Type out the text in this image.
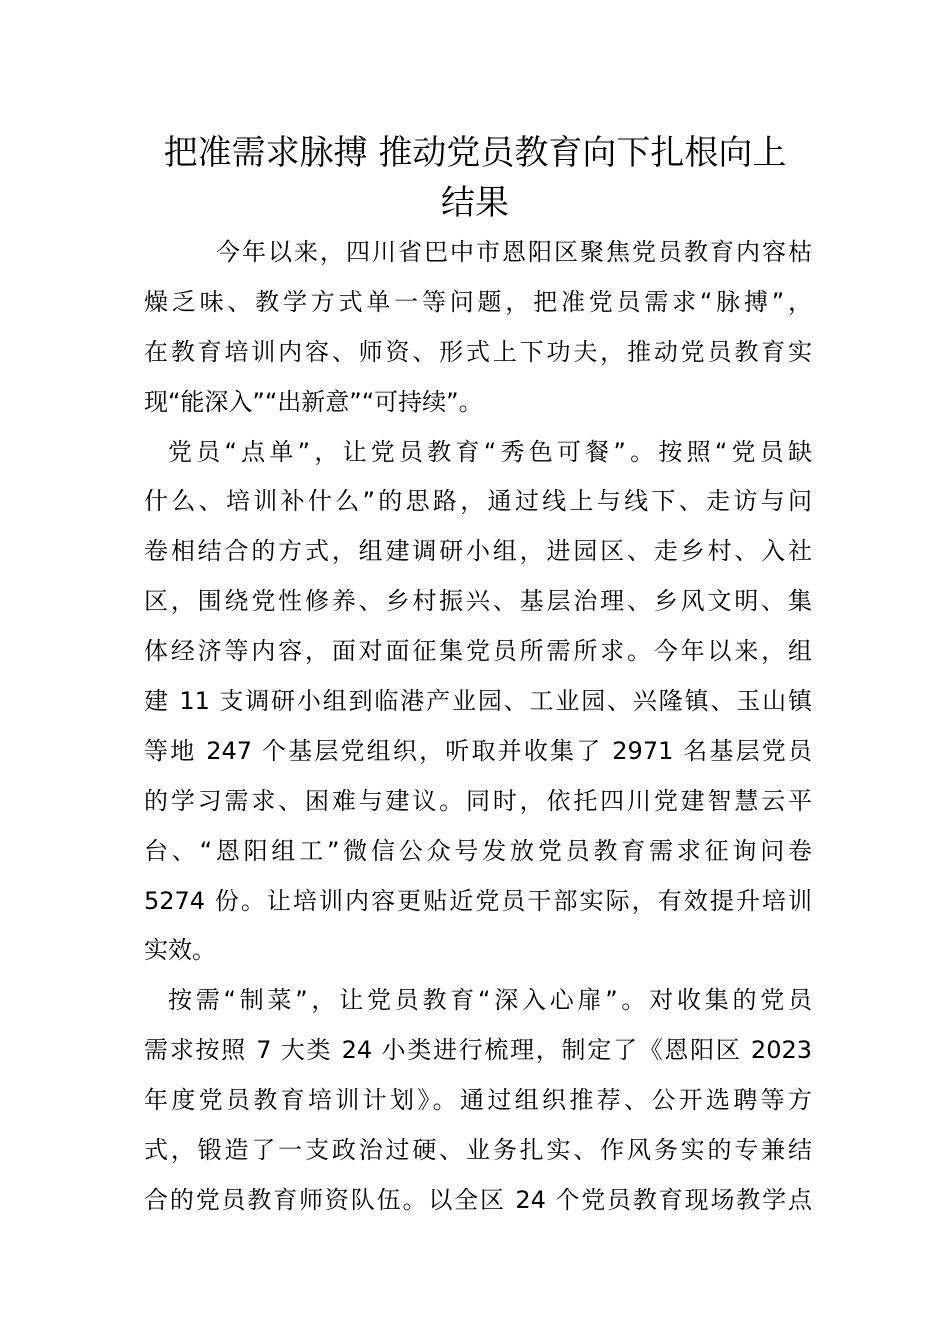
把准需求脉搏 推动党员教育向下扎根向上
结果
今年以来，四川省巴中市恩阳区聚焦党员教育内容枯
燥乏味、教学方式单一等问题，把准党员需求“脉搏”，
在教育培训内容、师资、形式上下功夫，推动党员教育实
现“能深入”“出新意”“可持续”。
党员“点单”，让党员教育“秀色可餐”。按照“党员缺
什么、培训补什么”的思路，通过线上与线下、走访与问
卷相结合的方式，组建调研小组，进园区、走乡村、入社
区，围绕党性修养、乡村振兴、基层治理、乡风文明、集
体经济等内容，面对面征集党员所需所求。今年以来，组
建 11 支调研小组到临港产业园、工业园、兴隆镇、玉山镇
等地 247 个基层党组织，听取并收集了 2971 名基层党员
的学习需求、困难与建议。同时，依托四川党建智慧云平
台、“恩阳组工”微信公众号发放党员教育需求征询问卷
5274 份。让培训内容更贴近党员干部实际，有效提升培训
实效。
按需“制菜”，让党员教育“深入心扉”。对收集的党员
需求按照 7 大类 24 小类进行梳理，制定了《恩阳区 2023
年度党员教育培训计划》。通过组织推荐、公开选聘等方
式，锻造了一支政治过硬、业务扎实、作风务实的专兼结
合的党员教育师资队伍。以全区 24 个党员教育现场教学点
